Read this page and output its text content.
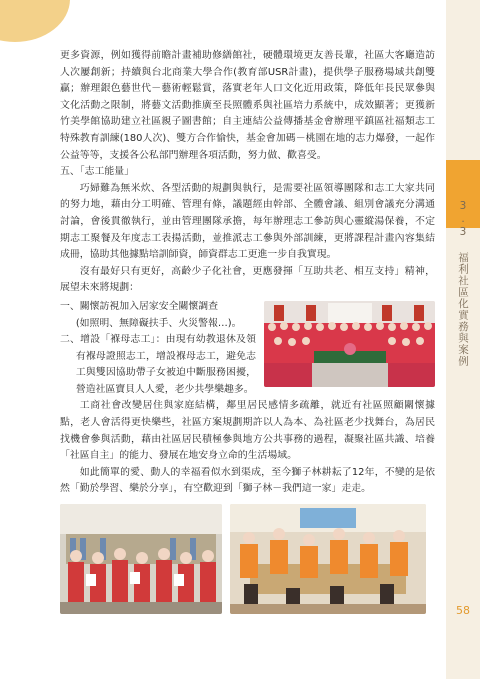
3.3 福利社區化實務與案例
58

更多資源，例如獲得前瞻計畫補助修繕館社，硬體環境更友善長輩，社區大客廳造訪人次屢創新；持續與台北商業大學合作(教育部USR計畫)，提供學子服務場域共創雙贏；辦理銀色藝世代－藝術輕鬆賞，落實老年人口文化近用政策，降低年長民眾參與文化活動之限制，將藝文活動推廣至長照體系與社區培力系統中，成效顯著；更獲新竹美學館協助建立社區親子圖書館；自主連結公益傳播基金會辦理平鎮區社福類志工特殊教育訓練(180人次)、雙方合作愉快，基金會加碼－桃園在地的志力爆發，一起作公益等等，支援各公私部門辦理各項活動，努力做、歡喜受。

五、「志工能量」

巧婦難為無米炊、各型活動的規劃與執行，是需要社區領導團隊和志工大家共同的努力地，藉由分工明確、管理有條，議題經由幹部、全體會議、組別會議充分溝通討論，會後貫徹執行，並由管理團隊承擔，每年辦理志工參訪與心靈縱湯保養，不定期志工聚餐及年度志工表揚活動，並推派志工參與外部訓練，更將課程計畫內容集結成冊，協助其他據點培訓師資，師資群志工更進一步自我實現。

沒有最好只有更好，高齡少子化社會，更應發揮「互助共老、相互支持」精神，展望未來將規劃：

一、關懷訪視加入居家安全關懷調查

(如照明、無障礙扶手、火災警報…)。

二、增設「褓母志工」：由現有幼教退休及領有褓母證照志工，增設褓母志工，避免志工與雙因協助帶子女被迫中斷服務困擾，營造社區寶貝人人愛，老少共學樂趣多。

工商社會改變居住與家庭結構，鄰里居民感情多疏離，就近有社區照顧關懷據點，老人會活得更快樂些，社區方案規劃期許以人為本、為社區老少找舞台，為居民找機會參與活動，藉由社區居民積極參與地方公共事務的過程，凝聚社區共識、培養「社區自主」的能力、發展在地安身立命的生活場域。

如此簡單的愛、動人的幸福看似水到渠成，至今獅子林耕耘了12年，不變的是依然「勤於學習、樂於分享」，有空歡迎到「獅子林－我們這一家」走走。
